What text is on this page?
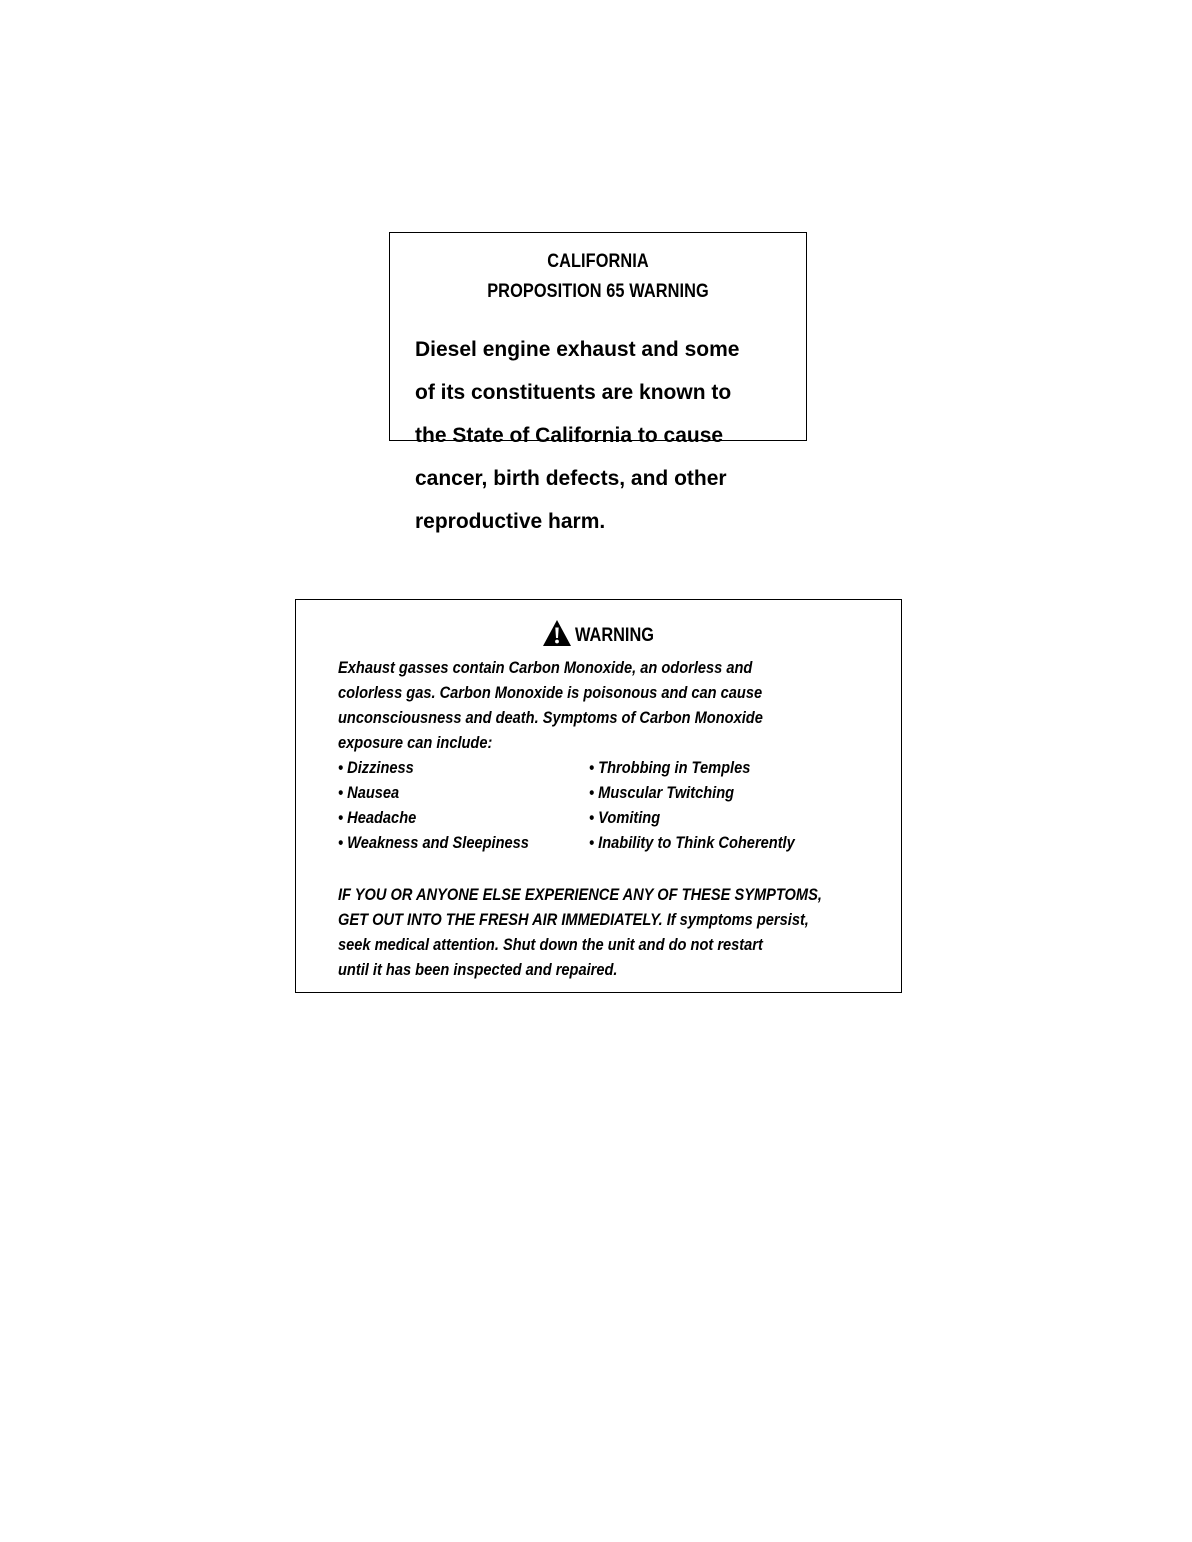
CALIFORNIA
PROPOSITION 65 WARNING

Diesel engine exhaust and some

of its constituents are known to

the State of California to cause

cancer, birth defects, and other

reproductive harm.

WARNING
Exhaust gasses contain Carbon Monoxide, an odorless and
colorless gas. Carbon Monoxide is poisonous and can cause
unconsciousness and death. Symptoms of Carbon Monoxide
exposure can include:
• Dizziness
• Nausea
• Headache
• Weakness and Sleepiness
• Throbbing in Temples
• Muscular Twitching
• Vomiting
• Inability to Think Coherently
IF YOU OR ANYONE ELSE EXPERIENCE ANY OF THESE SYMPTOMS,
GET OUT INTO THE FRESH AIR IMMEDIATELY. If symptoms persist,
seek medical attention. Shut down the unit and do not restart
until it has been inspected and repaired.
